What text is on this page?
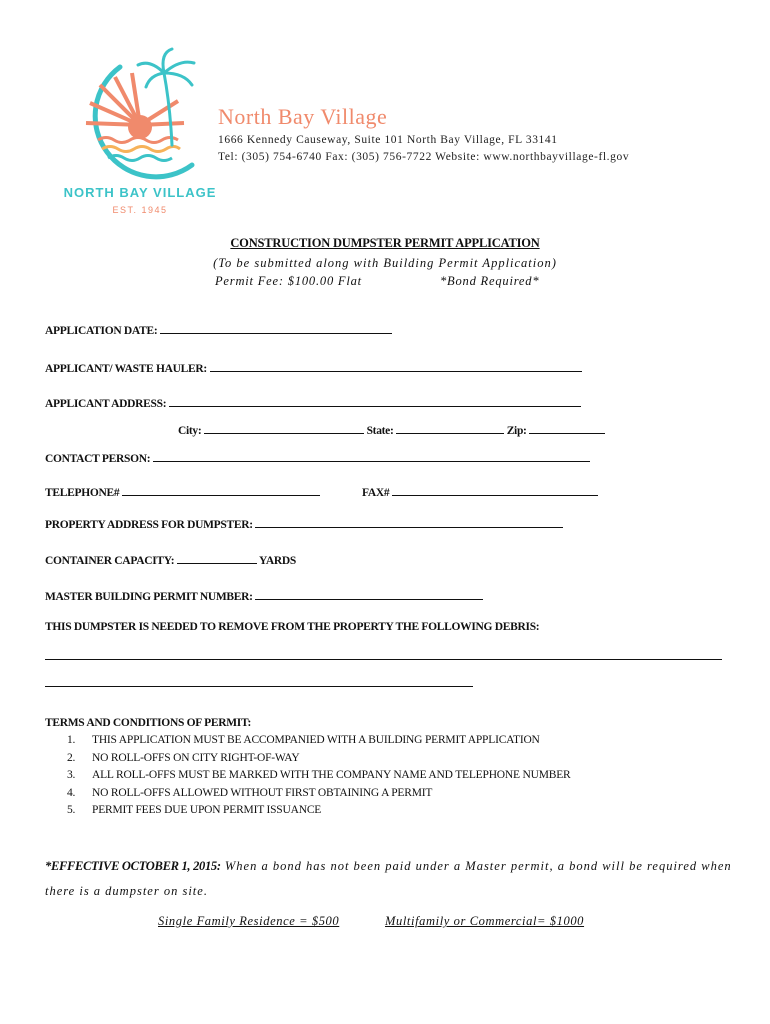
NORTH BAY VILLAGE
EST. 1945
North Bay Village
1666 Kennedy Causeway, Suite 101 North Bay Village, FL 33141
Tel: (305) 754-6740 Fax: (305) 756-7722 Website: www.northbayvillage-fl.gov
CONSTRUCTION DUMPSTER PERMIT APPLICATION
(To be submitted along with Building Permit Application)
Permit Fee: $100.00 Flat	*Bond Required*
APPLICATION DATE:
APPLICANT/ WASTE HAULER:
APPLICANT ADDRESS:
City:	State:	Zip:
CONTACT PERSON:
TELEPHONE#	FAX#
PROPERTY ADDRESS FOR DUMPSTER:
CONTAINER CAPACITY:	YARDS
MASTER BUILDING PERMIT NUMBER:
THIS DUMPSTER IS NEEDED TO REMOVE FROM THE PROPERTY THE FOLLOWING DEBRIS:
TERMS AND CONDITIONS OF PERMIT:
1. THIS APPLICATION MUST BE ACCOMPANIED WITH A BUILDING PERMIT APPLICATION
2. NO ROLL-OFFS ON CITY RIGHT-OF-WAY
3. ALL ROLL-OFFS MUST BE MARKED WITH THE COMPANY NAME AND TELEPHONE NUMBER
4. NO ROLL-OFFS ALLOWED WITHOUT FIRST OBTAINING A PERMIT
5. PERMIT FEES DUE UPON PERMIT ISSUANCE
*EFFECTIVE OCTOBER 1, 2015: When a bond has not been paid under a Master permit, a bond will be required when there is a dumpster on site.
Single Family Residence = $500	Multifamily or Commercial= $1000
